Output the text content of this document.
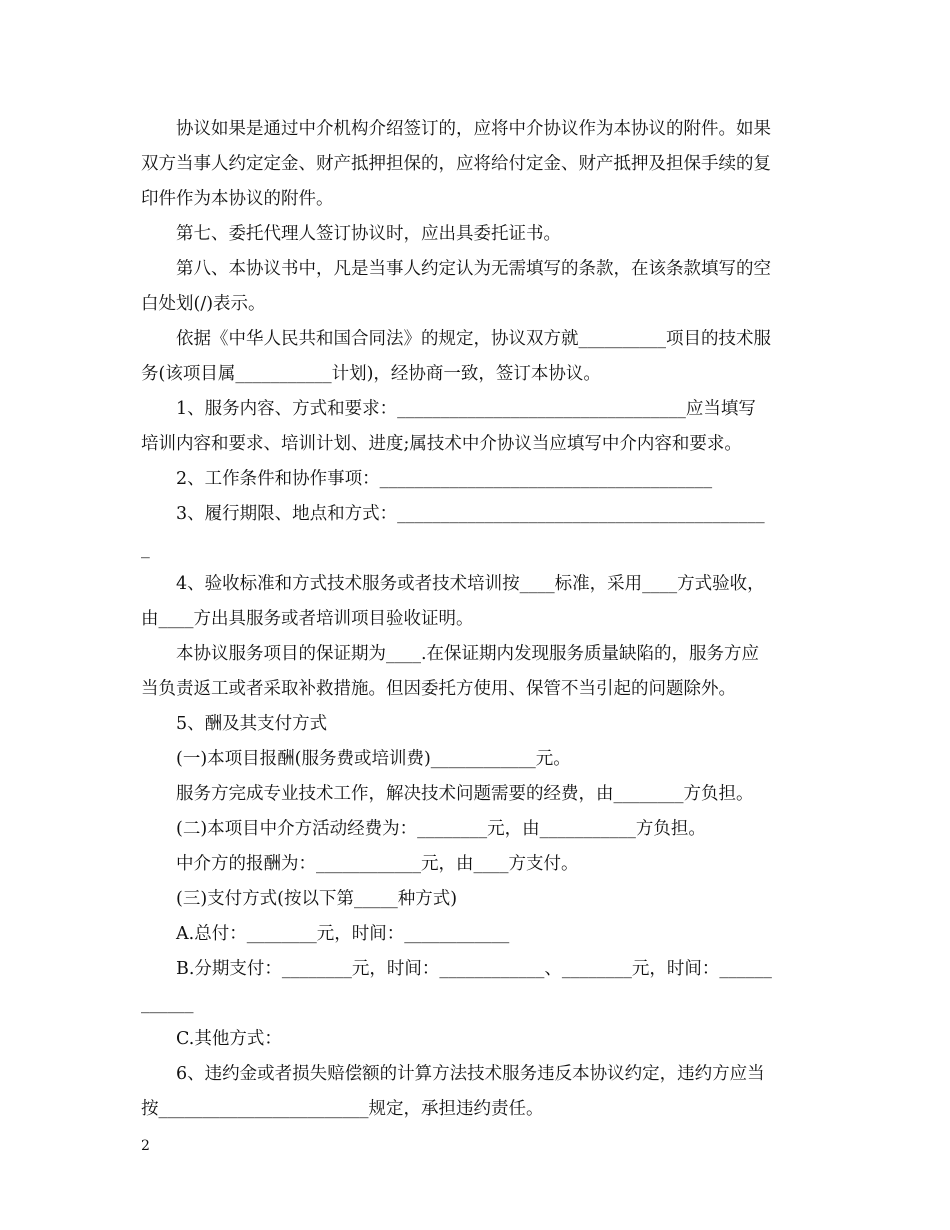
协议如果是通过中介机构介绍签订的，应将中介协议作为本协议的附件。如果

双方当事人约定定金、财产抵押担保的，应将给付定金、财产抵押及担保手续的复

印件作为本协议的附件。

第七、委托代理人签订协议时，应出具委托证书。

第八、本协议书中，凡是当事人约定认为无需填写的条款，在该条款填写的空

白处划(/)表示。

依据《中华人民共和国合同法》的规定，协议双方就__________项目的技术服

务(该项目属___________计划)，经协商一致，签订本协议。

1、服务内容、方式和要求：_________________________________应当填写

培训内容和要求、培训计划、进度;属技术中介协议当应填写中介内容和要求。

2、工作条件和协作事项：______________________________________

3、履行期限、地点和方式：__________________________________________

_

4、验收标准和方式技术服务或者技术培训按____标准，采用____方式验收，

由____方出具服务或者培训项目验收证明。

本协议服务项目的保证期为____.在保证期内发现服务质量缺陷的，服务方应

当负责返工或者采取补救措施。但因委托方使用、保管不当引起的问题除外。

5、酬及其支付方式

(一)本项目报酬(服务费或培训费)____________元。

服务方完成专业技术工作，解决技术问题需要的经费，由________方负担。

(二)本项目中介方活动经费为：________元，由___________方负担。

中介方的报酬为：____________元，由____方支付。

(三)支付方式(按以下第_____种方式)

A.总付：________元，时间：____________

B.分期支付：________元，时间：____________、________元，时间：______

______

C.其他方式：

6、违约金或者损失赔偿额的计算方法技术服务违反本协议约定，违约方应当

按________________________规定，承担违约责任。

2
